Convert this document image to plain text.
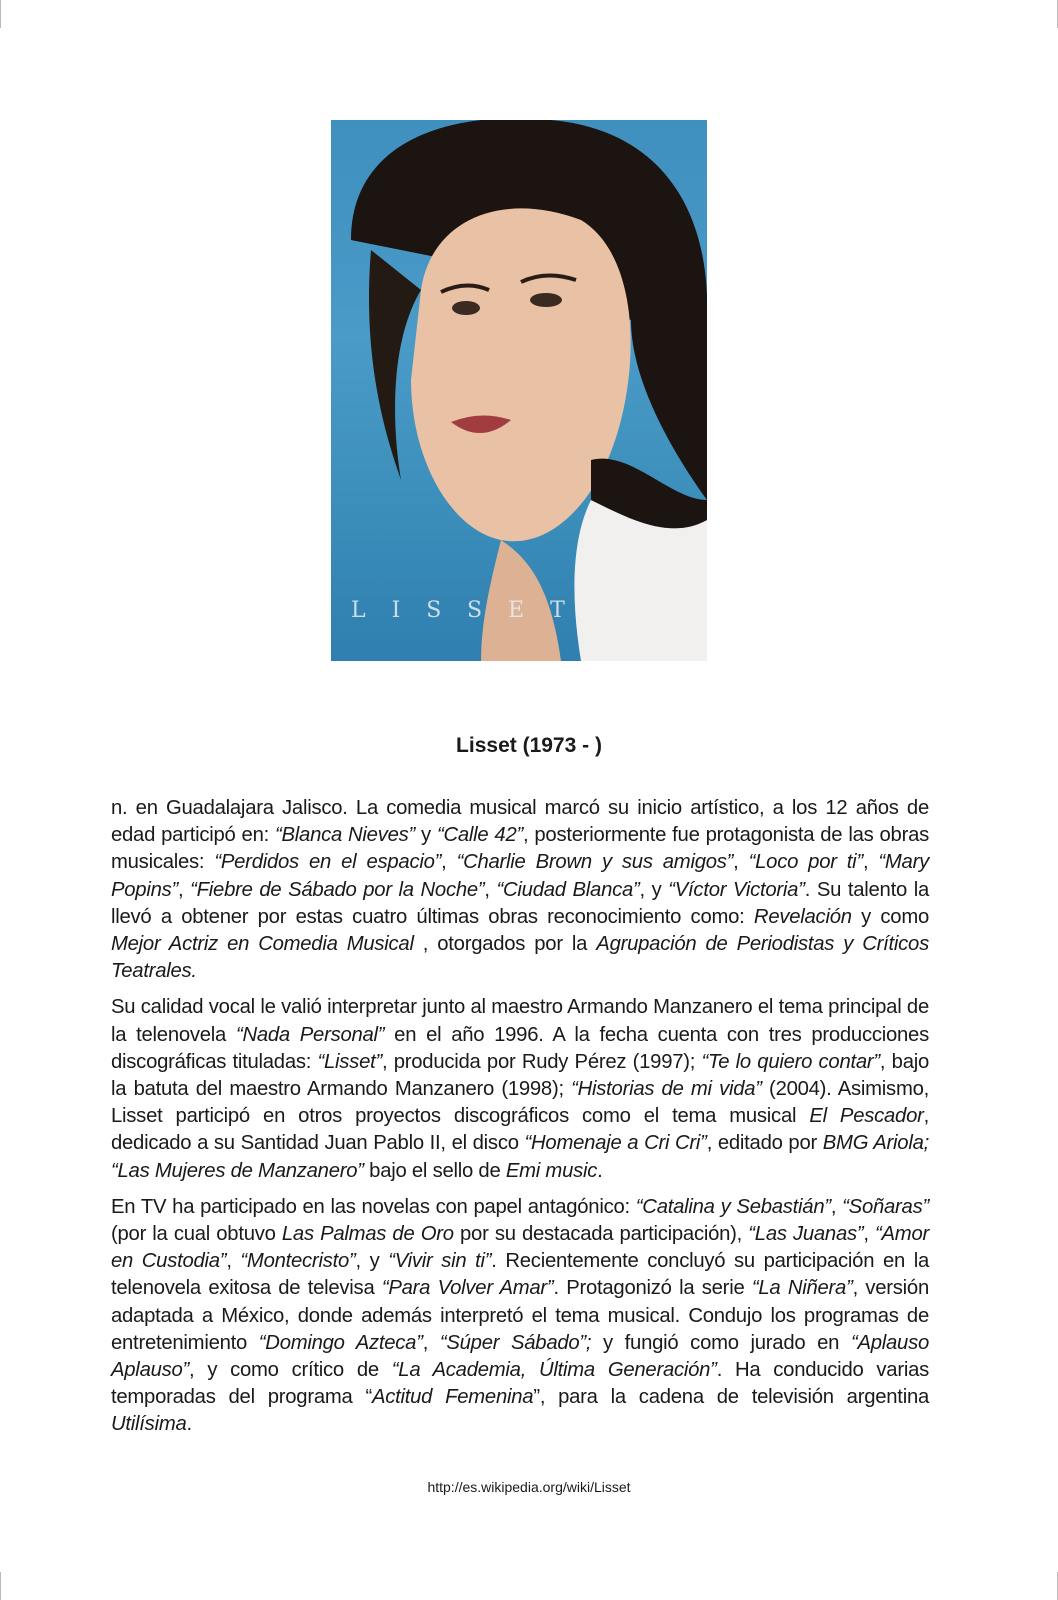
LISSET
Lisset (1973 - )

n. en Guadalajara Jalisco. La comedia musical marcó su inicio artístico, a los 12 años de edad participó en: “Blanca Nieves” y “Calle 42”, posteriormente fue protagonista de las obras musicales: “Perdidos en el espacio”, “Charlie Brown y sus amigos”, “Loco por ti”, “Mary Popins”, “Fiebre de Sábado por la Noche”, “Ciudad Blanca”, y “Víctor Victoria”. Su talento la llevó a obtener por estas cuatro últimas obras reconocimiento como: Revelación y como Mejor Actriz en Comedia Musical , otorgados por la Agrupación de Periodistas y Críticos Teatrales.

Su calidad vocal le valió interpretar junto al maestro Armando Manzanero el tema principal de la telenovela “Nada Personal” en el año 1996. A la fecha cuenta con tres producciones discográficas tituladas: “Lisset”, producida por Rudy Pérez (1997); “Te lo quiero contar”, bajo la batuta del maestro Armando Manzanero (1998); “Historias de mi vida” (2004). Asimismo, Lisset participó en otros proyectos discográficos como el tema musical El Pescador, dedicado a su Santidad Juan Pablo II, el disco “Homenaje a Cri Cri”, editado por BMG Ariola; “Las Mujeres de Manzanero” bajo el sello de Emi music.

En TV ha participado en las novelas con papel antagónico: “Catalina y Sebastián”, “Soñaras” (por la cual obtuvo Las Palmas de Oro por su destacada participación), “Las Juanas”, “Amor en Custodia”, “Montecristo”, y “Vivir sin ti”. Recientemente concluyó su participación en la telenovela exitosa de televisa “Para Volver Amar”. Protagonizó la serie “La Niñera”, versión adaptada a México, donde además interpretó el tema musical. Condujo los programas de entretenimiento “Domingo Azteca”, “Súper Sábado”; y fungió como jurado en “Aplauso Aplauso”, y como crítico de “La Academia, Última Generación”. Ha conducido varias temporadas del programa “Actitud Femenina”, para la cadena de televisión argentina Utilísima.

http://es.wikipedia.org/wiki/Lisset
